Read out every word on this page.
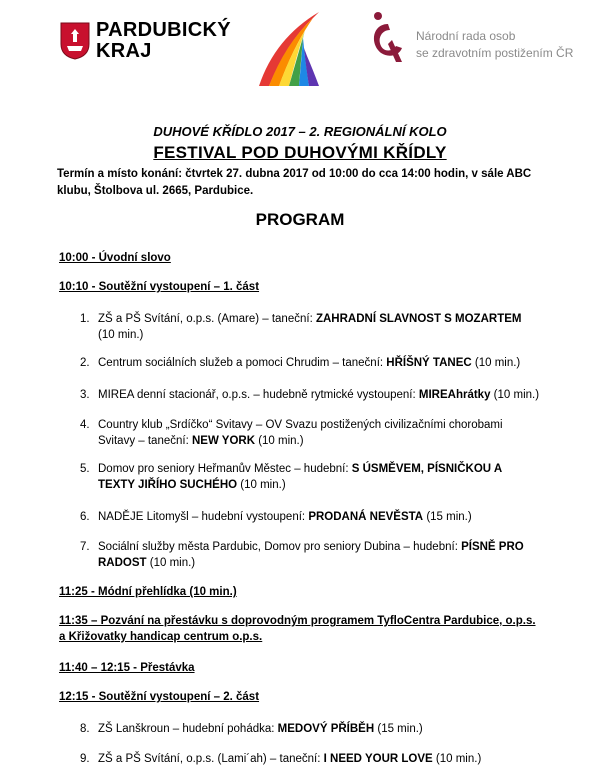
PARDUBICKÝ
KRAJ
Národní rada osob
se zdravotním postižením ČR
DUHOVÉ KŘÍDLO 2017 – 2. REGIONÁLNÍ KOLO
FESTIVAL POD DUHOVÝMI KŘÍDLY
Termín a místo konání: čtvrtek 27. dubna 2017 od 10:00 do cca 14:00 hodin, v sále ABC
klubu, Štolbova ul. 2665, Pardubice.
PROGRAM
10:00 - Úvodní slovo
10:10 - Soutěžní vystoupení – 1. část
1. ZŠ a PŠ Svítání, o.p.s. (Amare) – taneční: ZAHRADNÍ SLAVNOST S MOZARTEM (10 min.)
2. Centrum sociálních služeb a pomoci Chrudim – taneční: HŘÍŠNÝ TANEC (10 min.)
3. MIREA denní stacionář, o.p.s. – hudebně rytmické vystoupení: MIREAhrátky (10 min.)
4. Country klub „Srdíčko“ Svitavy – OV Svazu postižených civilizačními chorobami Svitavy – taneční: NEW YORK (10 min.)
5. Domov pro seniory Heřmanův Městec – hudební: S ÚSMĚVEM, PÍSNIČKOU A TEXTY JIŘÍHO SUCHÉHO (10 min.)
6. NADĚJE Litomyšl – hudební vystoupení: PRODANÁ NEVĚSTA (15 min.)
7. Sociální služby města Pardubic, Domov pro seniory Dubina – hudební: PÍSNĚ PRO RADOST (10 min.)
11:25 - Módní přehlídka (10 min.)
11:35 – Pozvání na přestávku s doprovodným programem TyfloCentra Pardubice, o.p.s.
a Křižovatky handicap centrum o.p.s.
11:40 – 12:15 - Přestávka
12:15 - Soutěžní vystoupení – 2. část
8. ZŠ Lanškroun – hudební pohádka: MEDOVÝ PŘÍBĚH (15 min.)
9. ZŠ a PŠ Svítání, o.p.s. (Lami´ah) – taneční: I NEED YOUR LOVE (10 min.)
